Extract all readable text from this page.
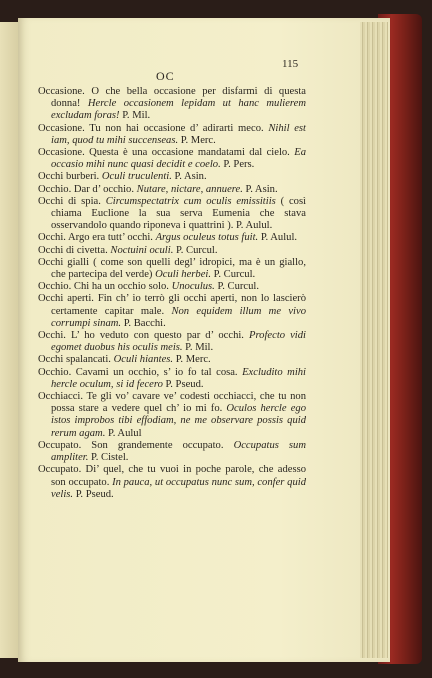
OC
115

Occasione. O che bella occasione per disfarmi di questa donna! Hercle occasionem lepidam ut hanc mulierem excludam foras! P. Mil.

Occasione. Tu non hai occasione d’ adirarti meco. Nihil est iam, quod tu mihi succenseas. P. Merc.

Occasione. Questa è una occasione mandatami dal cielo. Ea occasio mihi nunc quasi decidit e coelo. P. Pers.

Occhi burberi. Oculi truculenti. P. Asin.

Occhio. Dar d’ occhio. Nutare, nictare, annuere. P. Asin.

Occhi di spia. Circumspectatrix cum oculis emissitiis ( così chiama Euclione la sua serva Eumenia che stava osservandolo quando riponeva i quattrini ). P. Aulul.

Occhi. Argo era tutt’ occhi. Argus oculeus totus fuit. P. Aulul.

Occhi di civetta. Noctuini oculi. P. Curcul.

Occhi gialli ( come son quelli degl’ idropici, ma è un giallo, che partecipa del verde) Oculi herbei. P. Curcul.

Occhio. Chi ha un occhio solo. Unoculus. P. Curcul.

Occhi aperti. Fin ch’ io terrò gli occhi aperti, non lo lascierò certamente capitar male. Non equidem illum me vivo corrumpi sinam. P. Bacchi.

Occhi. L’ ho veduto con questo par d’ occhi. Profecto vidi egomet duobus his oculis meis. P. Mil.

Occhi spalancati. Oculi hiantes. P. Merc.

Occhio. Cavami un occhio, s’ io fo tal cosa. Excludito mihi hercle oculum, si id fecero P. Pseud.

Occhiacci. Te gli vo’ cavare ve’ codesti occhiacci, che tu non possa stare a vedere quel ch’ io mi fo. Oculos hercle ego istos improbos tibi effodiam, ne me observare possis quid rerum agam. P. Aulul

Occupato. Son grandemente occupato. Occupatus sum ampliter. P. Cistel.

Occupato. Di’ quel, che tu vuoi in poche parole, che adesso son occupato. In pauca, ut occupatus nunc sum, confer quid velis. P. Pseud.
